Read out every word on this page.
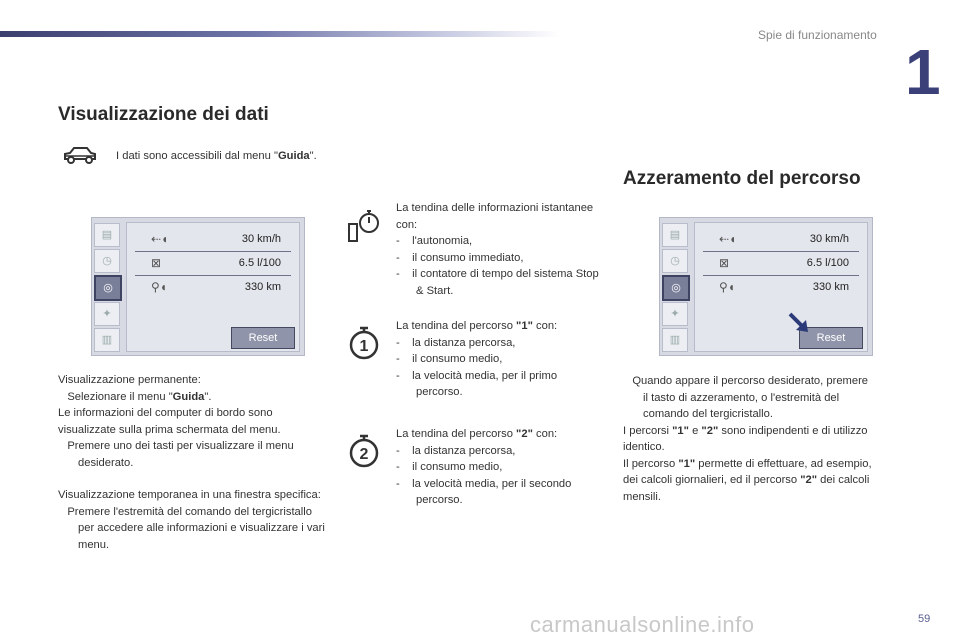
Spie di funzionamento
1
Visualizzazione dei dati
I dati sono accessibili dal menu "Guida".
▤
◷
◎
✦
▥
⇠◖	30 km/h
⊠	6.5 l/100
⚲◖	330 km
Reset

Visualizzazione permanente:

Selezionare il menu "Guida".

Le informazioni del computer di bordo sono visualizzate sulla prima schermata del menu.

Premere uno dei tasti per visualizzare il menu desiderato.

Visualizzazione temporanea in una finestra specifica:

Premere l'estremità del comando del tergicristallo per accedere alle informazioni e visualizzare i vari menu.

La tendina delle informazioni istantanee con:

- l'autonomia,

- il consumo immediato,

- il contatore di tempo del sistema Stop & Start.

1

La tendina del percorso "1" con:

- la distanza percorsa,

- il consumo medio,

- la velocità media, per il primo percorso.

2

La tendina del percorso "2" con:

- la distanza percorsa,

- il consumo medio,

- la velocità media, per il secondo percorso.

Azzeramento del percorso
▤
◷
◎
✦
▥
⇠◖	30 km/h
⊠	6.5 l/100
⚲◖	330 km
Reset

Quando appare il percorso desiderato, premere il tasto di azzeramento, o l'estremità del comando del tergicristallo.

I percorsi "1" e "2" sono indipendenti e di utilizzo identico.

Il percorso "1" permette di effettuare, ad esempio, dei calcoli giornalieri, ed il percorso "2" dei calcoli mensili.

carmanualsonline.info	59
